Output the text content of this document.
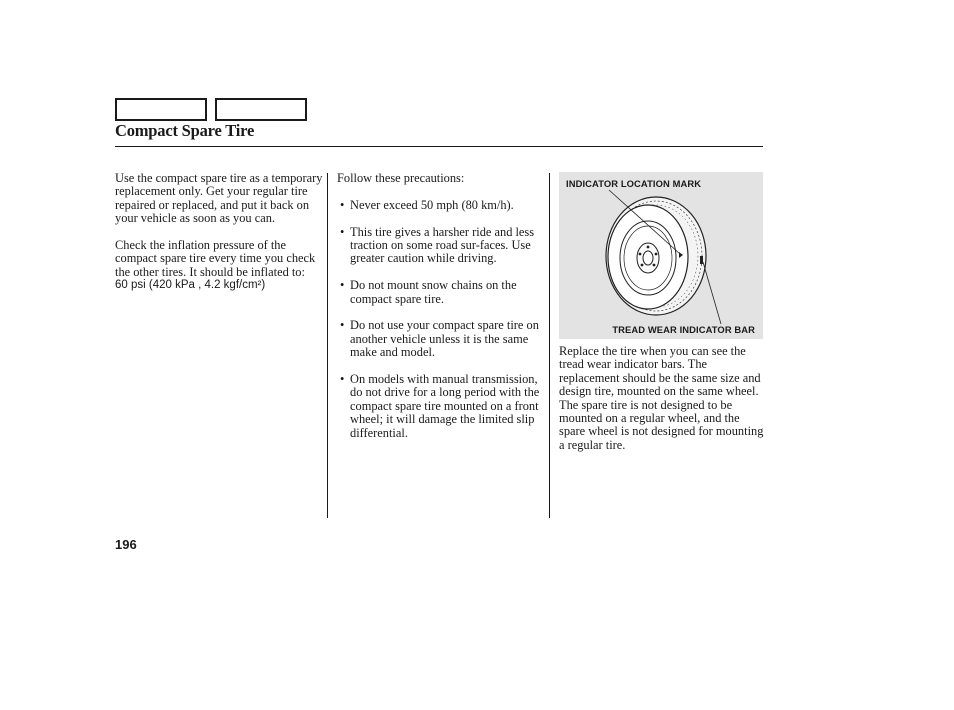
Compact Spare Tire

Use the compact spare tire as a temporary replacement only. Get your regular tire repaired or replaced, and put it back on your vehicle as soon as you can.

Check the inflation pressure of the compact spare tire every time you check the other tires. It should be inflated to:

60 psi (420 kPa , 4.2 kgf/cm²)

Follow these precautions:

• Never exceed 50 mph (80 km/h).
• This tire gives a harsher ride and less traction on some road sur-faces. Use greater caution while driving.
• Do not mount snow chains on the compact spare tire.
• Do not use your compact spare tire on another vehicle unless it is the same make and model.
• On models with manual transmission, do not drive for a long period with the compact spare tire mounted on a front wheel; it will damage the limited slip differential.
INDICATOR LOCATION MARK
TREAD WEAR INDICATOR BAR

Replace the tire when you can see the tread wear indicator bars. The replacement should be the same size and design tire, mounted on the same wheel. The spare tire is not designed to be mounted on a regular wheel, and the spare wheel is not designed for mounting a regular tire.

196
